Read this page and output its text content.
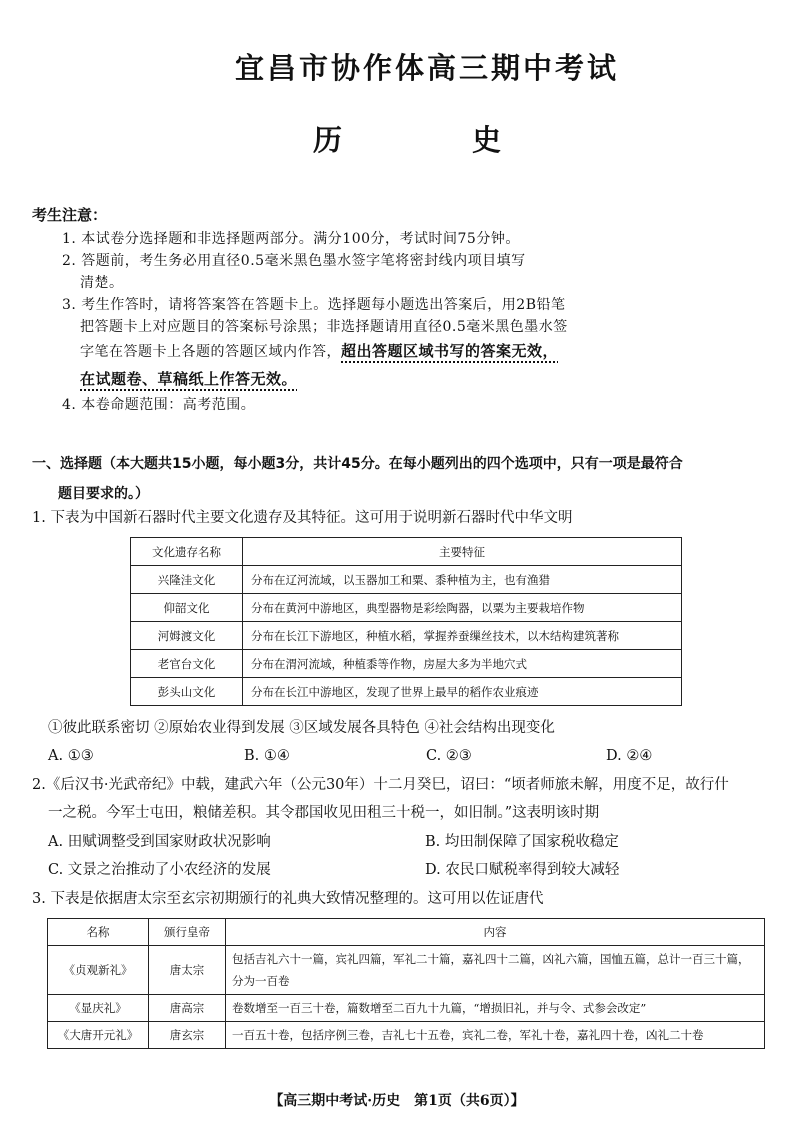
宜昌市协作体高三期中考试
历 史
考生注意：
1. 本试卷分选择题和非选择题两部分。满分100分，考试时间75分钟。
2. 答题前，考生务必用直径0.5毫米黑色墨水签字笔将密封线内项目填写
清楚。
3. 考生作答时，请将答案答在答题卡上。选择题每小题选出答案后，用2B铅笔
把答题卡上对应题目的答案标号涂黑；非选择题请用直径0.5毫米黑色墨水签
字笔在答题卡上各题的答题区域内作答，超出答题区域书写的答案无效，
在试题卷、草稿纸上作答无效。
4. 本卷命题范围：高考范围。
一、选择题（本大题共15小题，每小题3分，共计45分。在每小题列出的四个选项中，只有一项是最符合
题目要求的。）
1. 下表为中国新石器时代主要文化遗存及其特征。这可用于说明新石器时代中华文明
文化遗存名称	主要特征
兴隆洼文化	分布在辽河流域，以玉器加工和粟、黍种植为主，也有渔猎
仰韶文化	分布在黄河中游地区，典型器物是彩绘陶器，以粟为主要栽培作物
河姆渡文化	分布在长江下游地区，种植水稻，掌握养蚕缫丝技术，以木结构建筑著称
老官台文化	分布在渭河流域，种植黍等作物，房屋大多为半地穴式
彭头山文化	分布在长江中游地区，发现了世界上最早的稻作农业痕迹
①彼此联系密切 ②原始农业得到发展 ③区域发展各具特色 ④社会结构出现变化
A. ①③	B. ①④	C. ②③	D. ②④
2.《后汉书·光武帝纪》中载，建武六年（公元30年）十二月癸巳，诏曰：“顷者师旅未解，用度不足，故行什
一之税。今军士屯田，粮储差积。其令郡国收见田租三十税一，如旧制。”这表明该时期
A. 田赋调整受到国家财政状况影响	B. 均田制保障了国家税收稳定
C. 文景之治推动了小农经济的发展	D. 农民口赋税率得到较大减轻
3. 下表是依据唐太宗至玄宗初期颁行的礼典大致情况整理的。这可用以佐证唐代
名称	颁行皇帝	内容
《贞观新礼》	唐太宗	包括吉礼六十一篇，宾礼四篇，军礼二十篇，嘉礼四十二篇，凶礼六篇，国恤五篇，总计一百三十篇，分为一百卷
《显庆礼》	唐高宗	卷数增至一百三十卷，篇数增至二百九十九篇，“增损旧礼，并与令、式参会改定”
《大唐开元礼》	唐玄宗	一百五十卷，包括序例三卷，吉礼七十五卷，宾礼二卷，军礼十卷，嘉礼四十卷，凶礼二十卷
【高三期中考试·历史　第1页（共6页）】
